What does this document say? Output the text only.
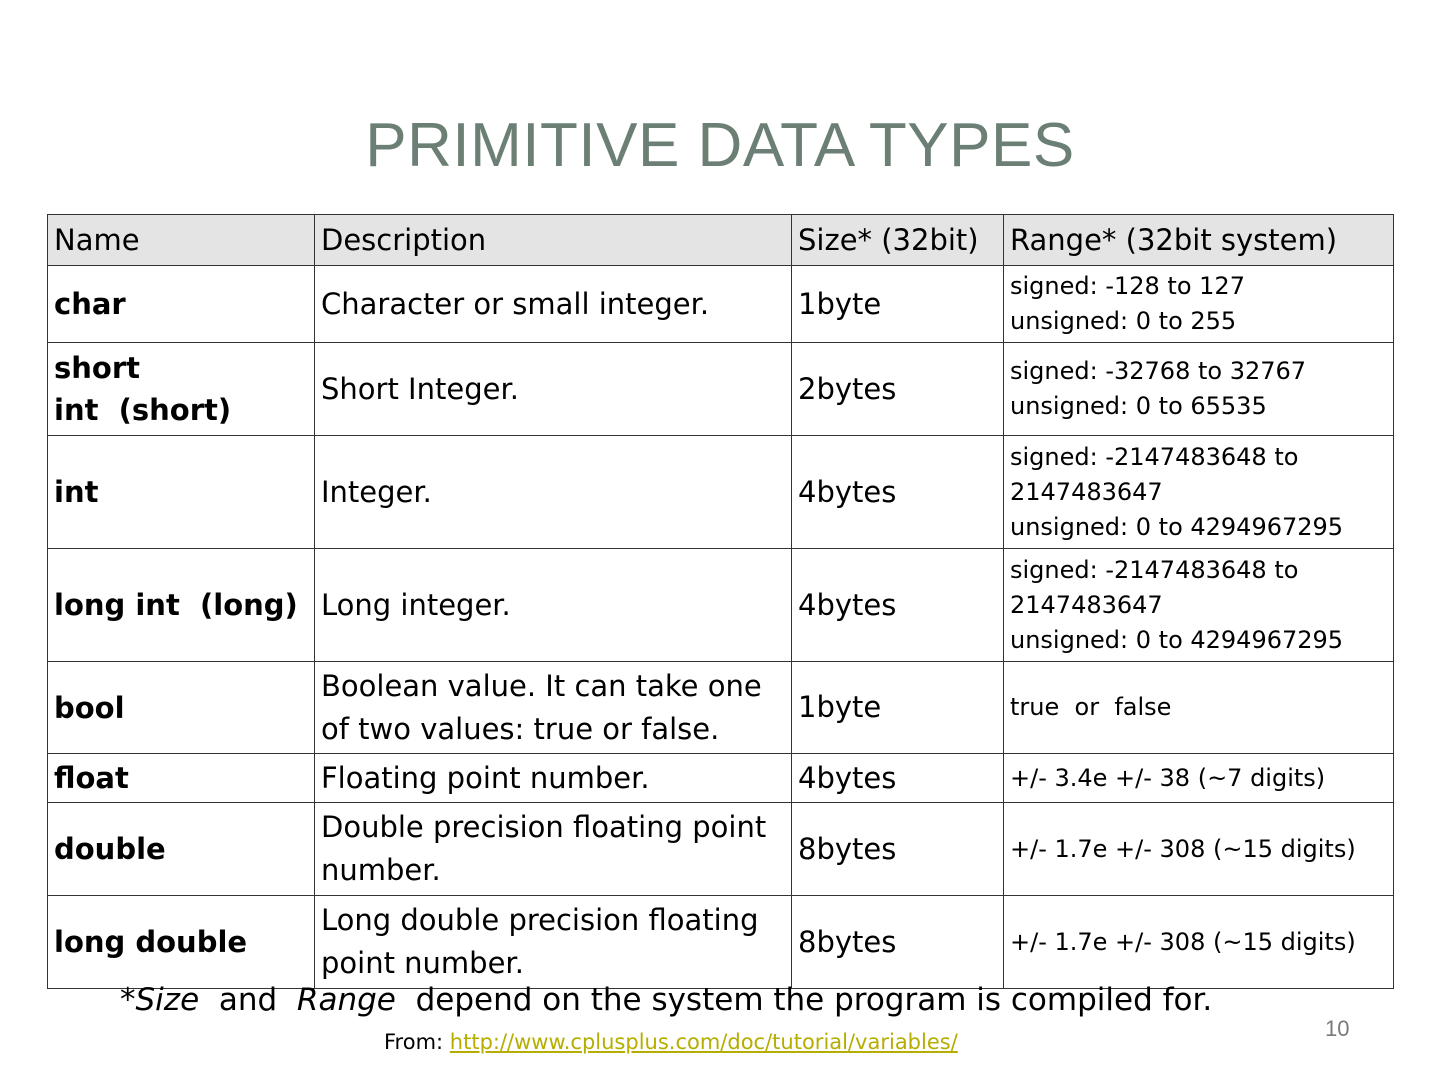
PRIMITIVE DATA TYPES
Name	Description	Size* (32bit)	Range* (32bit system)
char	Character or small integer.	1byte	signed: -128 to 127
unsigned: 0 to 255

short
int  (short)	Short Integer.	2bytes	signed: -32768 to 32767
unsigned: 0 to 65535

int	Integer.	4bytes	signed: -2147483648 to
2147483647
unsigned: 0 to 4294967295

long int  (long)	Long integer.	4bytes	signed: -2147483648 to
2147483647
unsigned: 0 to 4294967295

bool	Boolean value. It can take one
of two values: true or false.	1byte	true  or  false

float	Floating point number.	4bytes	+/- 3.4e +/- 38 (~7 digits)

double	Double precision floating point
number.	8bytes	+/- 1.7e +/- 308 (~15 digits)

long double	Long double precision floating
point number.	8bytes	+/- 1.7e +/- 308 (~15 digits)
*Size and Range depend on the system the program is compiled for.
From: http://www.cplusplus.com/doc/tutorial/variables/
10
